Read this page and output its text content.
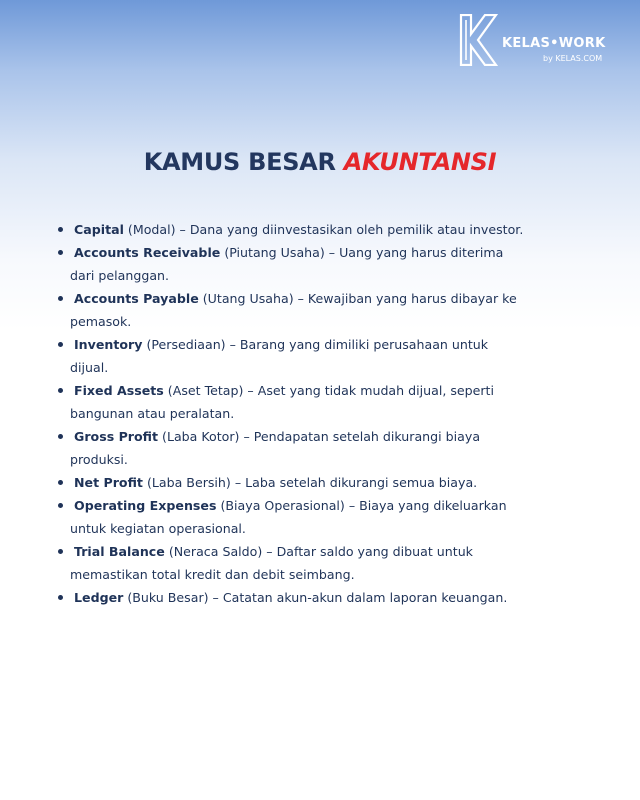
KELAS•WORK
by KELAS.COM
KAMUS BESAR AKUNTANSI
Capital (Modal) – Dana yang diinvestasikan oleh pemilik atau investor.
Accounts Receivable (Piutang Usaha) – Uang yang harus diterima
dari pelanggan.
Accounts Payable (Utang Usaha) – Kewajiban yang harus dibayar ke
pemasok.
Inventory (Persediaan) – Barang yang dimiliki perusahaan untuk
dijual.
Fixed Assets (Aset Tetap) – Aset yang tidak mudah dijual, seperti
bangunan atau peralatan.
Gross Profit (Laba Kotor) – Pendapatan setelah dikurangi biaya
produksi.
Net Profit (Laba Bersih) – Laba setelah dikurangi semua biaya.
Operating Expenses (Biaya Operasional) – Biaya yang dikeluarkan
untuk kegiatan operasional.
Trial Balance (Neraca Saldo) – Daftar saldo yang dibuat untuk
memastikan total kredit dan debit seimbang.
Ledger (Buku Besar) – Catatan akun-akun dalam laporan keuangan.
